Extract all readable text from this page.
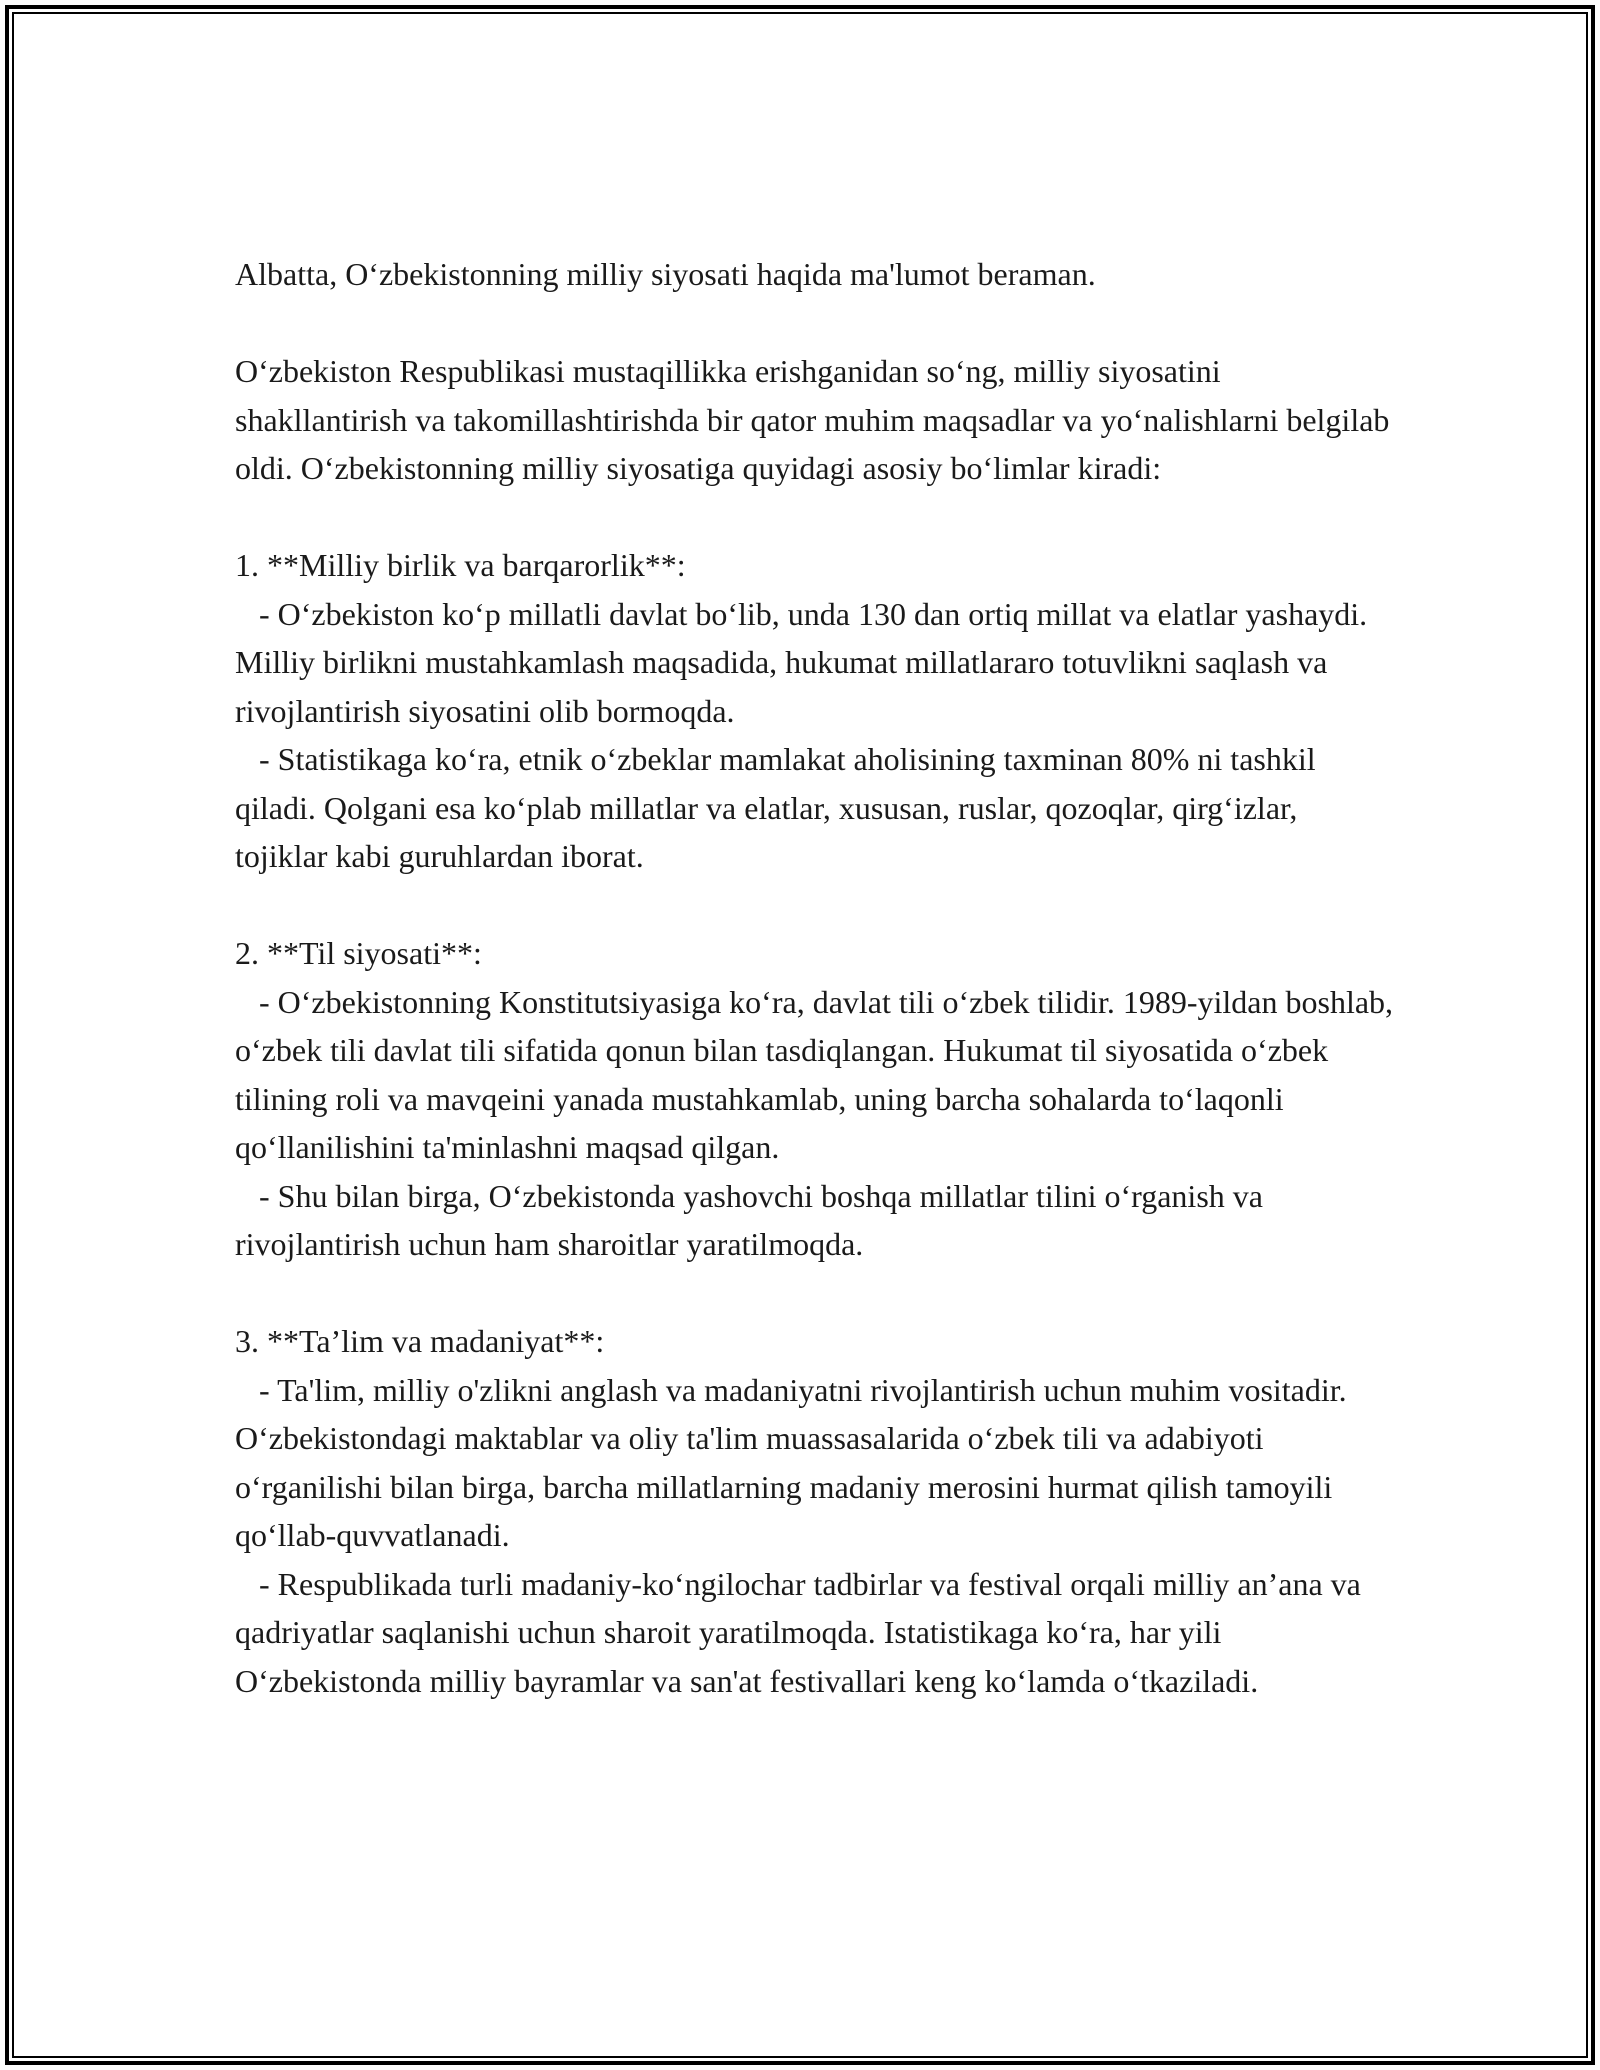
Albatta, O‘zbekistonning milliy siyosati haqida ma'lumot beraman.

O‘zbekiston Respublikasi mustaqillikka erishganidan so‘ng, milliy siyosatini shakllantirish va takomillashtirishda bir qator muhim maqsadlar va yo‘nalishlarni belgilab oldi. O‘zbekistonning milliy siyosatiga quyidagi asosiy bo‘limlar kiradi:

1. **Milliy birlik va barqarorlik**:
- O‘zbekiston ko‘p millatli davlat bo‘lib, unda 130 dan ortiq millat va elatlar yashaydi. Milliy birlikni mustahkamlash maqsadida, hukumat millatlararo totuvlikni saqlash va rivojlantirish siyosatini olib bormoqda.
- Statistikaga ko‘ra, etnik o‘zbeklar mamlakat aholisining taxminan 80% ni tashkil qiladi. Qolgani esa ko‘plab millatlar va elatlar, xususan, ruslar, qozoqlar, qirg‘izlar, tojiklar kabi guruhlardan iborat.

2. **Til siyosati**:
- O‘zbekistonning Konstitutsiyasiga ko‘ra, davlat tili o‘zbek tilidir. 1989-yildan boshlab, o‘zbek tili davlat tili sifatida qonun bilan tasdiqlangan. Hukumat til siyosatida o‘zbek tilining roli va mavqeini yanada mustahkamlab, uning barcha sohalarda to‘laqonli qo‘llanilishini ta'minlashni maqsad qilgan.
- Shu bilan birga, O‘zbekistonda yashovchi boshqa millatlar tilini o‘rganish va rivojlantirish uchun ham sharoitlar yaratilmoqda.

3. **Ta’lim va madaniyat**:
- Ta'lim, milliy o'zlikni anglash va madaniyatni rivojlantirish uchun muhim vositadir. O‘zbekistondagi maktablar va oliy ta'lim muassasalarida o‘zbek tili va adabiyoti o‘rganilishi bilan birga, barcha millatlarning madaniy merosini hurmat qilish tamoyili qo‘llab-quvvatlanadi.
- Respublikada turli madaniy-ko‘ngilochar tadbirlar va festival orqali milliy an’ana va qadriyatlar saqlanishi uchun sharoit yaratilmoqda. Istatistikaga ko‘ra, har yili O‘zbekistonda milliy bayramlar va san'at festivallari keng ko‘lamda o‘tkaziladi.
